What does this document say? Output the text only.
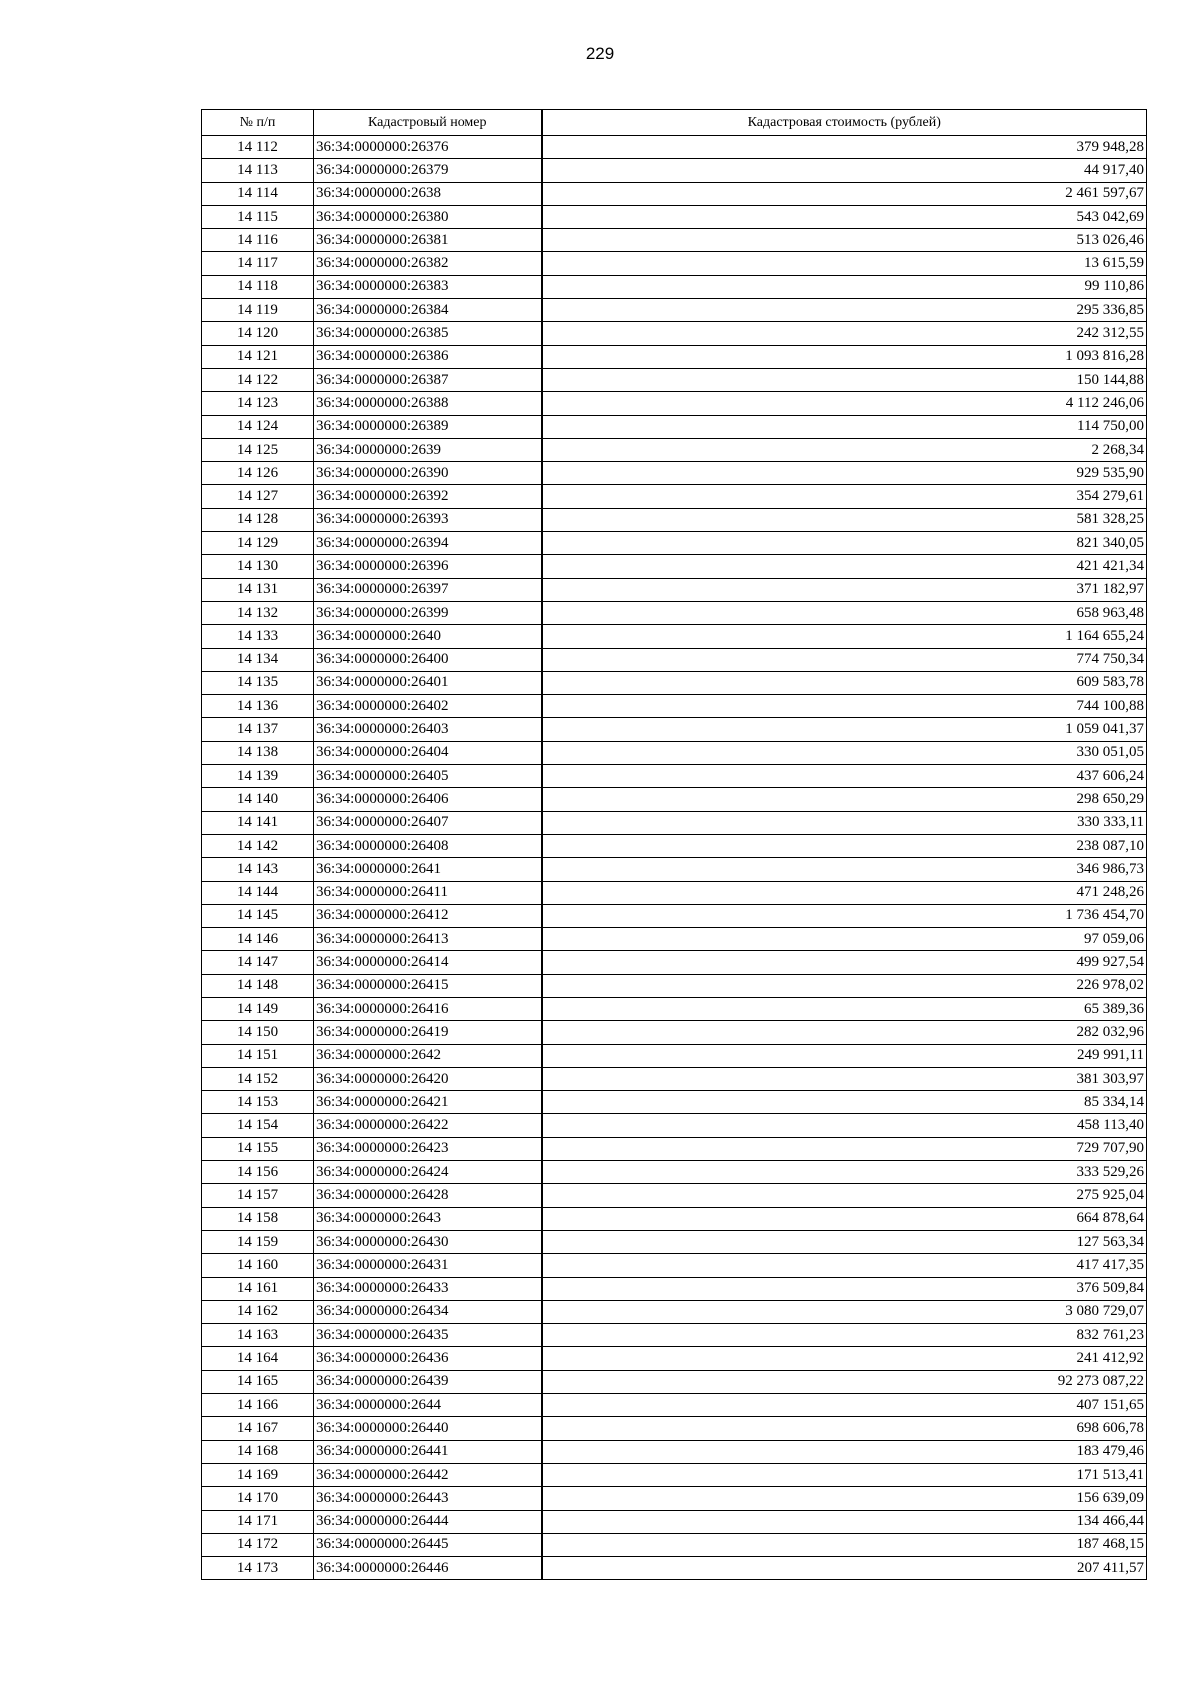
229
№ п/п	Кадастровый номер	Кадастровая стоимость (рублей)
14 112	36:34:0000000:26376	379 948,28
14 113	36:34:0000000:26379	44 917,40
14 114	36:34:0000000:2638	2 461 597,67
14 115	36:34:0000000:26380	543 042,69
14 116	36:34:0000000:26381	513 026,46
14 117	36:34:0000000:26382	13 615,59
14 118	36:34:0000000:26383	99 110,86
14 119	36:34:0000000:26384	295 336,85
14 120	36:34:0000000:26385	242 312,55
14 121	36:34:0000000:26386	1 093 816,28
14 122	36:34:0000000:26387	150 144,88
14 123	36:34:0000000:26388	4 112 246,06
14 124	36:34:0000000:26389	114 750,00
14 125	36:34:0000000:2639	2 268,34
14 126	36:34:0000000:26390	929 535,90
14 127	36:34:0000000:26392	354 279,61
14 128	36:34:0000000:26393	581 328,25
14 129	36:34:0000000:26394	821 340,05
14 130	36:34:0000000:26396	421 421,34
14 131	36:34:0000000:26397	371 182,97
14 132	36:34:0000000:26399	658 963,48
14 133	36:34:0000000:2640	1 164 655,24
14 134	36:34:0000000:26400	774 750,34
14 135	36:34:0000000:26401	609 583,78
14 136	36:34:0000000:26402	744 100,88
14 137	36:34:0000000:26403	1 059 041,37
14 138	36:34:0000000:26404	330 051,05
14 139	36:34:0000000:26405	437 606,24
14 140	36:34:0000000:26406	298 650,29
14 141	36:34:0000000:26407	330 333,11
14 142	36:34:0000000:26408	238 087,10
14 143	36:34:0000000:2641	346 986,73
14 144	36:34:0000000:26411	471 248,26
14 145	36:34:0000000:26412	1 736 454,70
14 146	36:34:0000000:26413	97 059,06
14 147	36:34:0000000:26414	499 927,54
14 148	36:34:0000000:26415	226 978,02
14 149	36:34:0000000:26416	65 389,36
14 150	36:34:0000000:26419	282 032,96
14 151	36:34:0000000:2642	249 991,11
14 152	36:34:0000000:26420	381 303,97
14 153	36:34:0000000:26421	85 334,14
14 154	36:34:0000000:26422	458 113,40
14 155	36:34:0000000:26423	729 707,90
14 156	36:34:0000000:26424	333 529,26
14 157	36:34:0000000:26428	275 925,04
14 158	36:34:0000000:2643	664 878,64
14 159	36:34:0000000:26430	127 563,34
14 160	36:34:0000000:26431	417 417,35
14 161	36:34:0000000:26433	376 509,84
14 162	36:34:0000000:26434	3 080 729,07
14 163	36:34:0000000:26435	832 761,23
14 164	36:34:0000000:26436	241 412,92
14 165	36:34:0000000:26439	92 273 087,22
14 166	36:34:0000000:2644	407 151,65
14 167	36:34:0000000:26440	698 606,78
14 168	36:34:0000000:26441	183 479,46
14 169	36:34:0000000:26442	171 513,41
14 170	36:34:0000000:26443	156 639,09
14 171	36:34:0000000:26444	134 466,44
14 172	36:34:0000000:26445	187 468,15
14 173	36:34:0000000:26446	207 411,57
